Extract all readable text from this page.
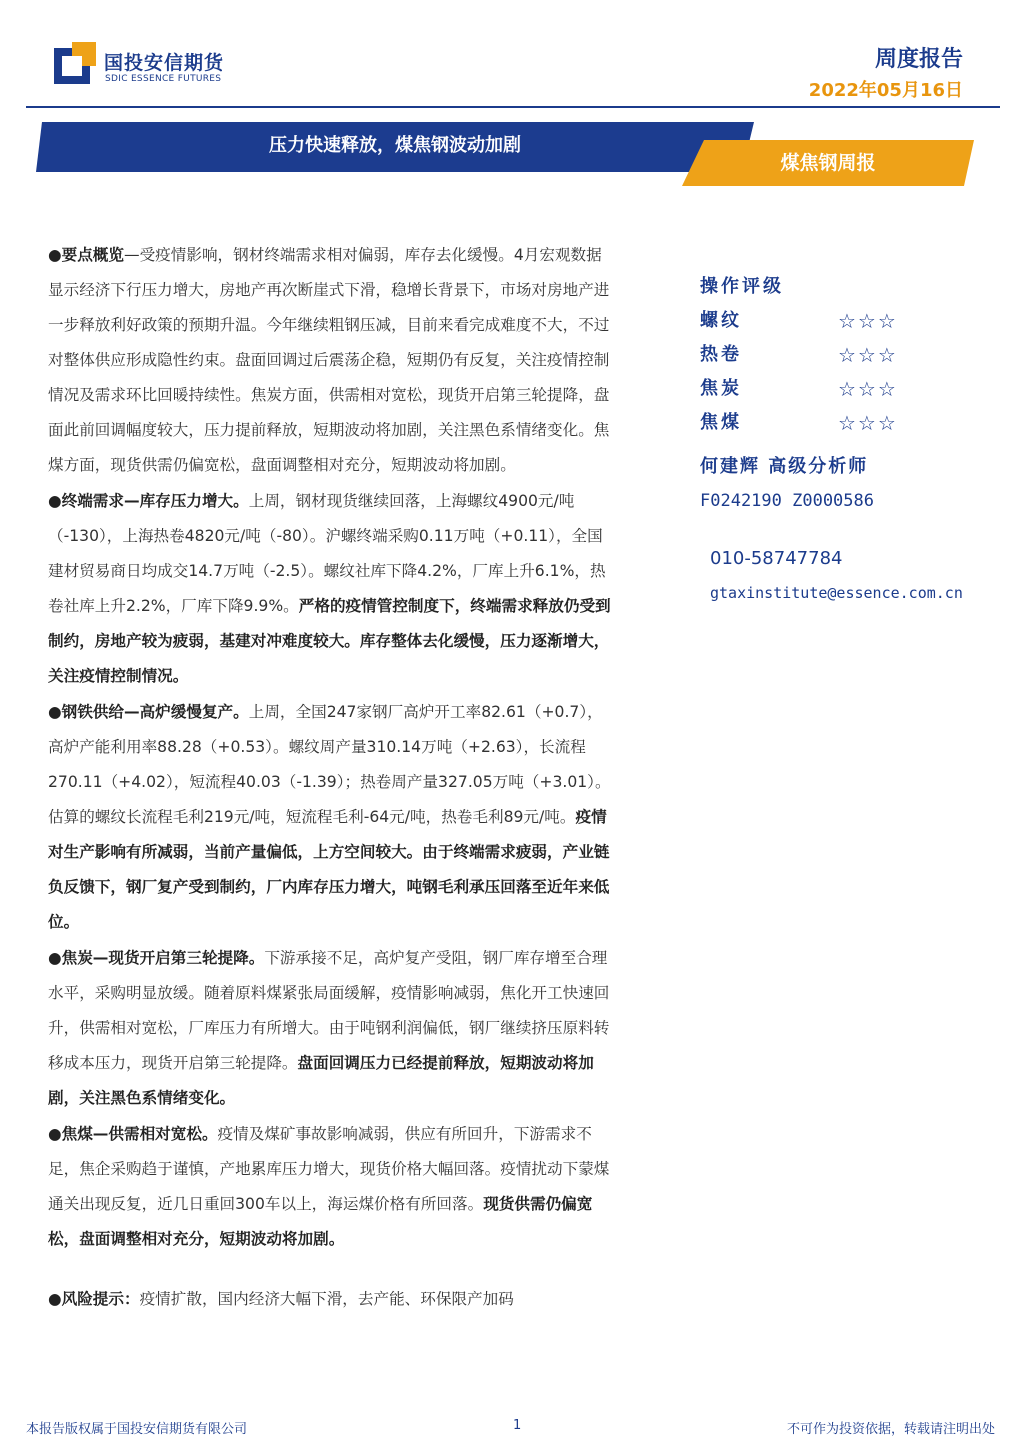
国投安信期货
SDIC ESSENCE FUTURES
周度报告
2022年05月16日
压力快速释放，煤焦钢波动加剧
煤焦钢周报

●要点概览—受疫情影响，钢材终端需求相对偏弱，库存去化缓慢。4月宏观数据显示经济下行压力增大，房地产再次断崖式下滑，稳增长背景下，市场对房地产进一步释放利好政策的预期升温。今年继续粗钢压减，目前来看完成难度不大，不过对整体供应形成隐性约束。盘面回调过后震荡企稳，短期仍有反复，关注疫情控制情况及需求环比回暖持续性。焦炭方面，供需相对宽松，现货开启第三轮提降，盘面此前回调幅度较大，压力提前释放，短期波动将加剧，关注黑色系情绪变化。焦煤方面，现货供需仍偏宽松，盘面调整相对充分，短期波动将加剧。

●终端需求—库存压力增大。上周，钢材现货继续回落，上海螺纹4900元/吨（-130），上海热卷4820元/吨（-80）。沪螺终端采购0.11万吨（+0.11），全国建材贸易商日均成交14.7万吨（-2.5）。螺纹社库下降4.2%，厂库上升6.1%，热卷社库上升2.2%，厂库下降9.9%。严格的疫情管控制度下，终端需求释放仍受到制约，房地产较为疲弱，基建对冲难度较大。库存整体去化缓慢，压力逐渐增大，关注疫情控制情况。

●钢铁供给—高炉缓慢复产。上周，全国247家钢厂高炉开工率82.61（+0.7），高炉产能利用率88.28（+0.53）。螺纹周产量310.14万吨（+2.63），长流程270.11（+4.02），短流程40.03（-1.39）；热卷周产量327.05万吨（+3.01）。估算的螺纹长流程毛利219元/吨，短流程毛利-64元/吨，热卷毛利89元/吨。疫情对生产影响有所减弱，当前产量偏低，上方空间较大。由于终端需求疲弱，产业链负反馈下，钢厂复产受到制约，厂内库存压力增大，吨钢毛利承压回落至近年来低位。

●焦炭—现货开启第三轮提降。下游承接不足，高炉复产受阻，钢厂库存增至合理水平，采购明显放缓。随着原料煤紧张局面缓解，疫情影响减弱，焦化开工快速回升，供需相对宽松，厂库压力有所增大。由于吨钢利润偏低，钢厂继续挤压原料转移成本压力，现货开启第三轮提降。盘面回调压力已经提前释放，短期波动将加剧，关注黑色系情绪变化。

●焦煤—供需相对宽松。疫情及煤矿事故影响减弱，供应有所回升，下游需求不足，焦企采购趋于谨慎，产地累库压力增大，现货价格大幅回落。疫情扰动下蒙煤通关出现反复，近几日重回300车以上，海运煤价格有所回落。现货供需仍偏宽松，盘面调整相对充分，短期波动将加剧。

●风险提示：疫情扩散，国内经济大幅下滑，去产能、环保限产加码

操作评级
螺纹	☆☆☆
热卷	☆☆☆
焦炭	☆☆☆
焦煤	☆☆☆
何建辉 高级分析师
F0242190 Z0000586
010-58747784
gtaxinstitute@essence.com.cn
本报告版权属于国投安信期货有限公司	1	不可作为投资依据，转载请注明出处
